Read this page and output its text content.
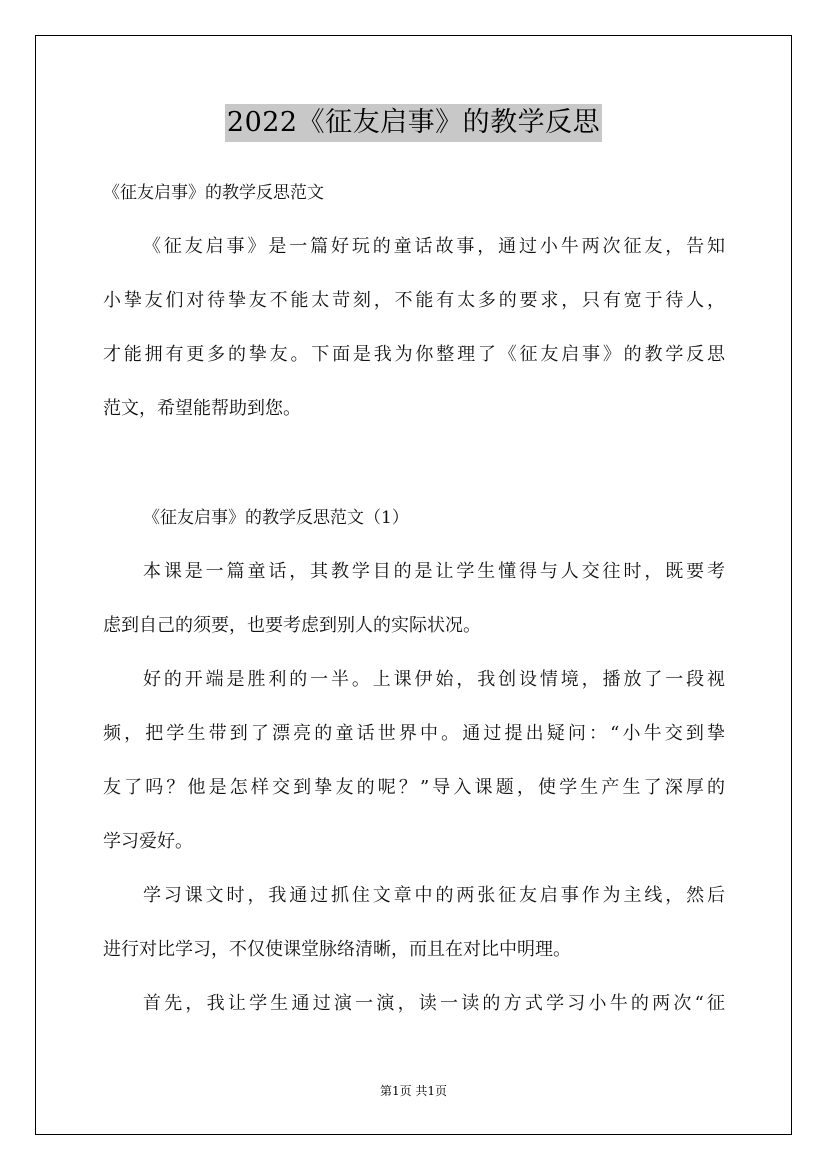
2022《征友启事》的教学反思
《征友启事》的教学反思范文
《征友启事》是一篇好玩的童话故事，通过小牛两次征友，告知
小挚友们对待挚友不能太苛刻，不能有太多的要求，只有宽于待人，
才能拥有更多的挚友。下面是我为你整理了《征友启事》的教学反思
范文，希望能帮助到您。
《征友启事》的教学反思范文（1）
本课是一篇童话，其教学目的是让学生懂得与人交往时，既要考
虑到自己的须要，也要考虑到别人的实际状况。
好的开端是胜利的一半。上课伊始，我创设情境，播放了一段视
频，把学生带到了漂亮的童话世界中。通过提出疑问：“小牛交到挚
友了吗？他是怎样交到挚友的呢？”导入课题，使学生产生了深厚的
学习爱好。
学习课文时，我通过抓住文章中的两张征友启事作为主线，然后
进行对比学习，不仅使课堂脉络清晰，而且在对比中明理。
首先，我让学生通过演一演，读一读的方式学习小牛的两次“征
第1页 共1页
